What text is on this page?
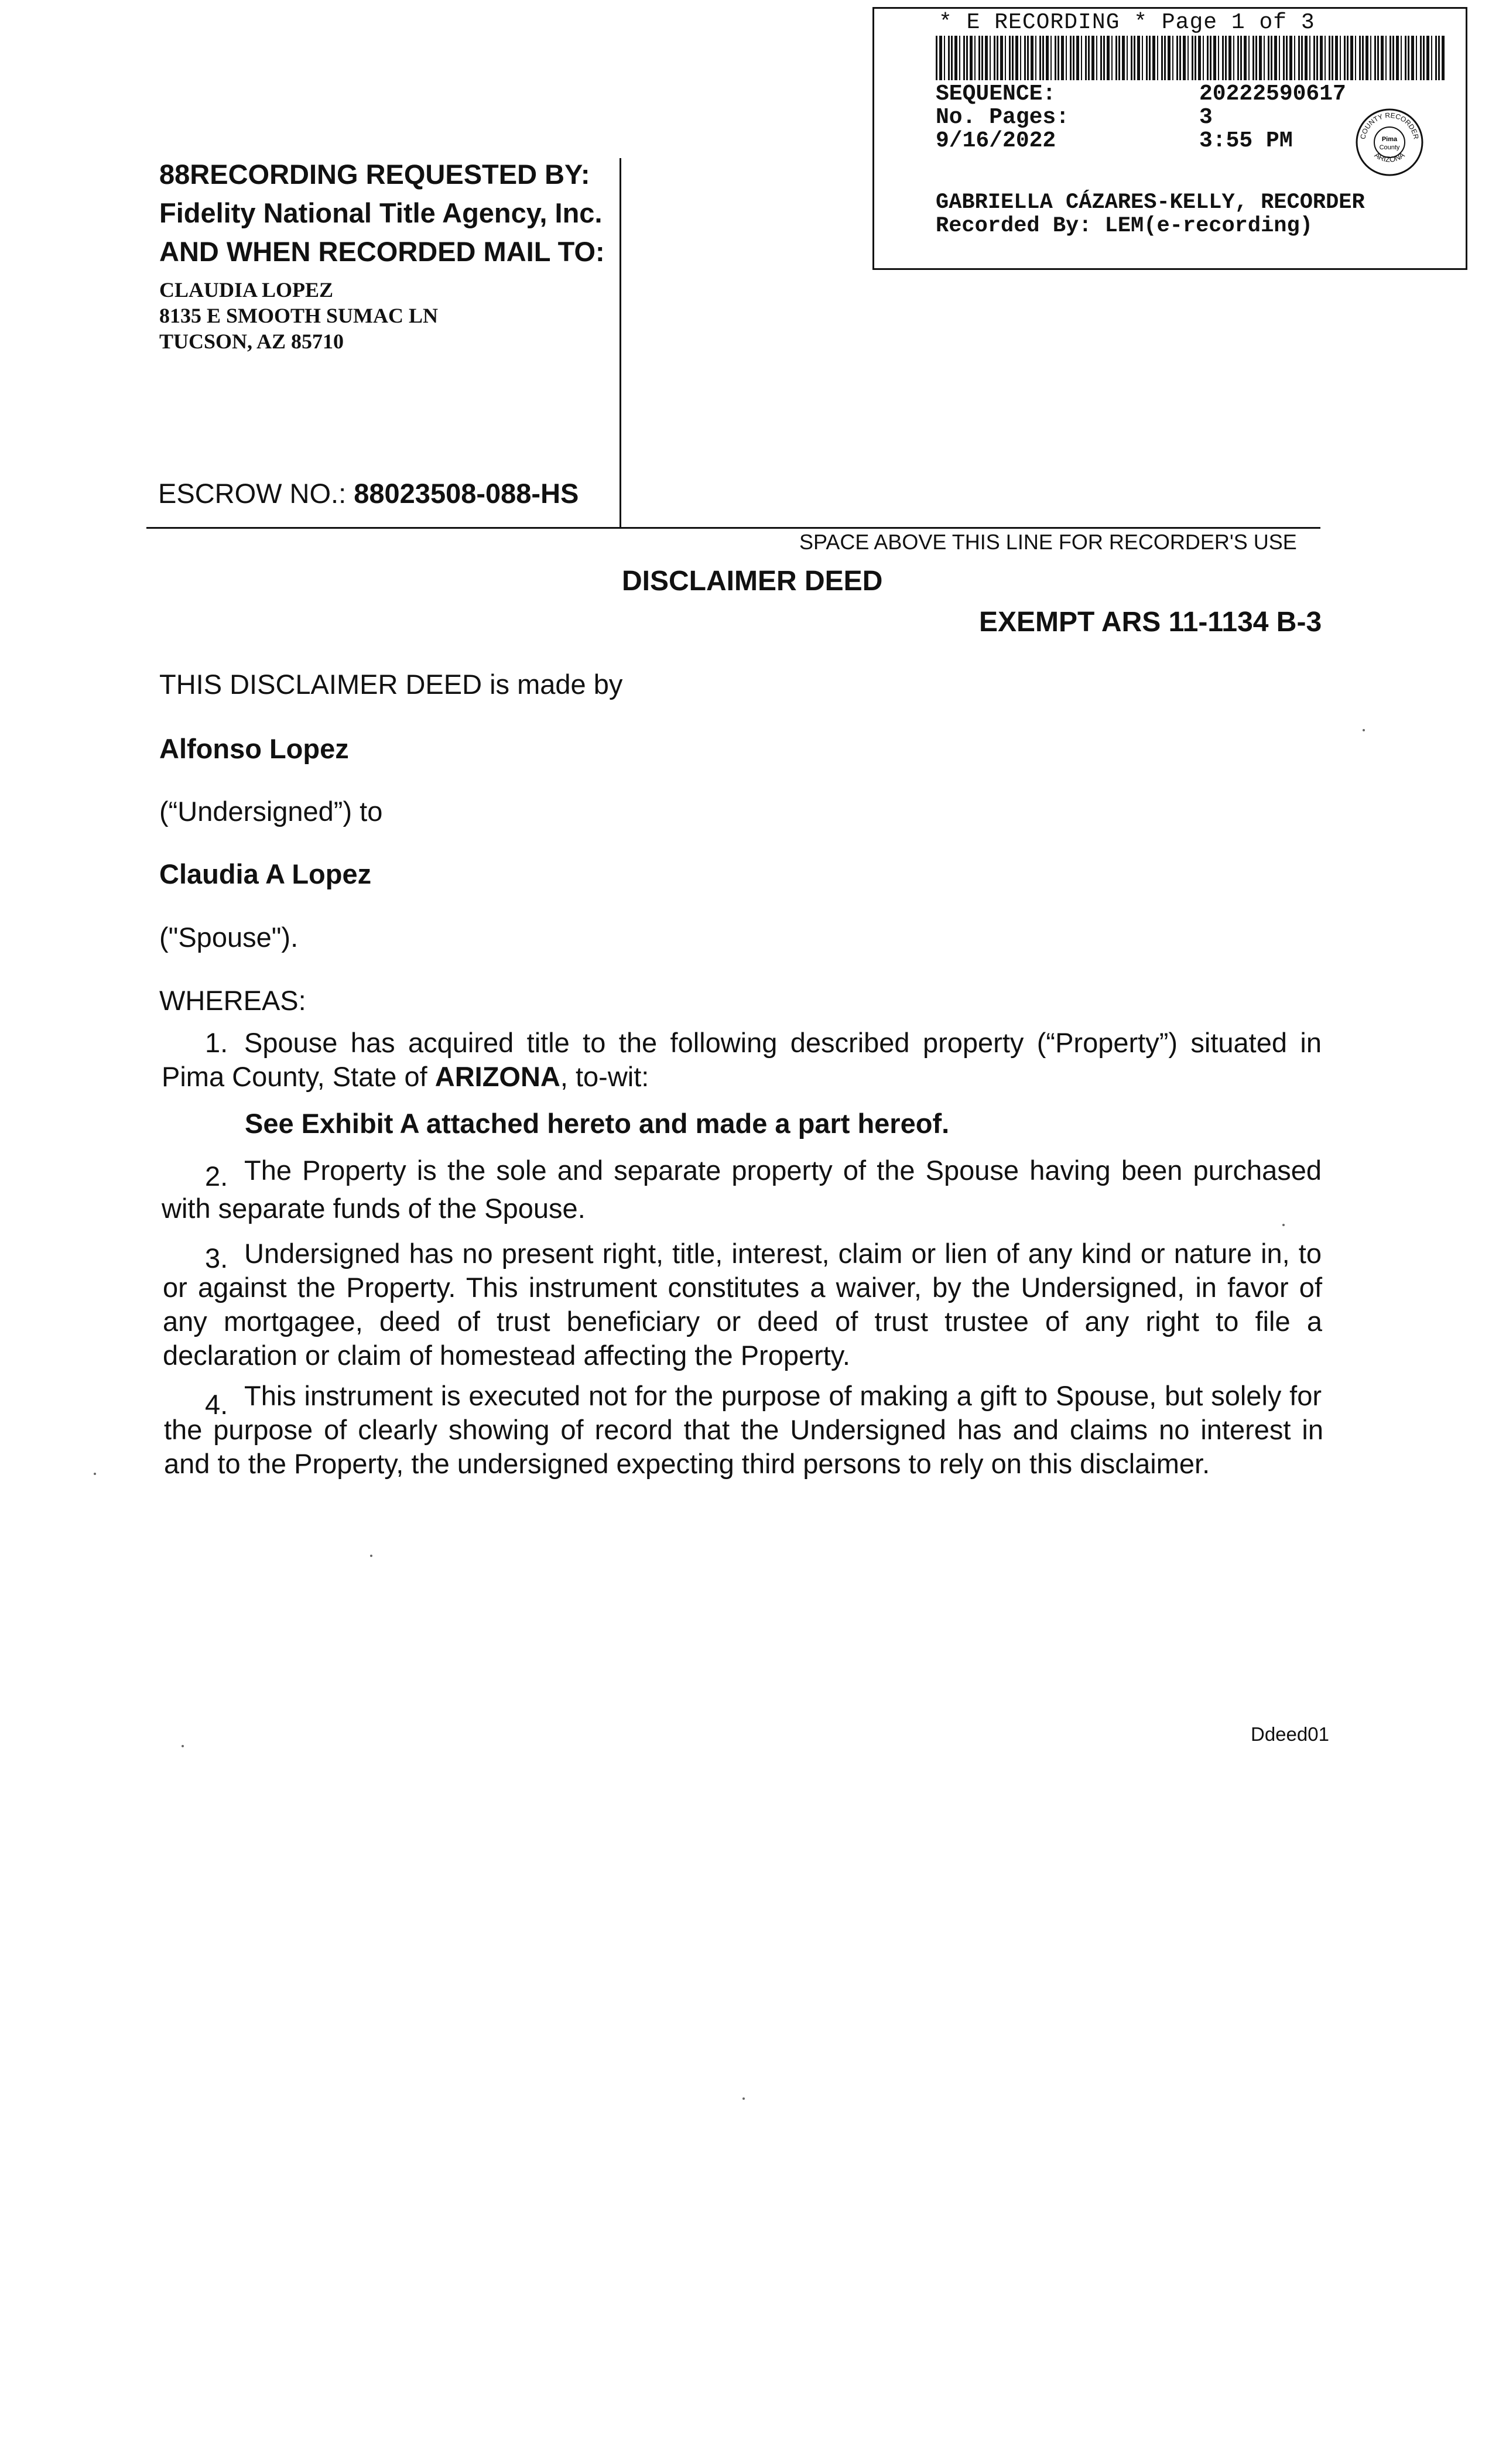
* E RECORDING * Page 1 of 3
SEQUENCE:	20222590617
No. Pages:	3
9/16/2022	3:55 PM	COUNTY RECORDER
ARIZONA
Pima
County
GABRIELLA CÁZARES-KELLY, RECORDER
Recorded By: LEM(e-recording)
88RECORDING REQUESTED BY:
Fidelity National Title Agency, Inc.
AND WHEN RECORDED MAIL TO:
CLAUDIA LOPEZ
8135 E SMOOTH SUMAC LN
TUCSON, AZ 85710
ESCROW NO.: 88023508-088-HS
SPACE ABOVE THIS LINE FOR RECORDER'S USE
DISCLAIMER DEED
EXEMPT ARS 11-1134 B-3
THIS DISCLAIMER DEED is made by
Alfonso Lopez
(“Undersigned”) to
Claudia A Lopez
("Spouse").
WHEREAS:
1. Spouse has acquired title to the following described property (“Property”) situated in
Pima County, State of ARIZONA, to-wit:
See Exhibit A attached hereto and made a part hereof.
2. The Property is the sole and separate property of the Spouse having been purchased
with separate funds of the Spouse.
3. Undersigned has no present right, title, interest, claim or lien of any kind or nature in, to
or against the Property. This instrument constitutes a waiver, by the Undersigned, in favor of
any mortgagee, deed of trust beneficiary or deed of trust trustee of any right to file a
declaration or claim of homestead affecting the Property.
4. This instrument is executed not for the purpose of making a gift to Spouse, but solely for
the purpose of clearly showing of record that the Undersigned has and claims no interest in
and to the Property, the undersigned expecting third persons to rely on this disclaimer.
Ddeed01
